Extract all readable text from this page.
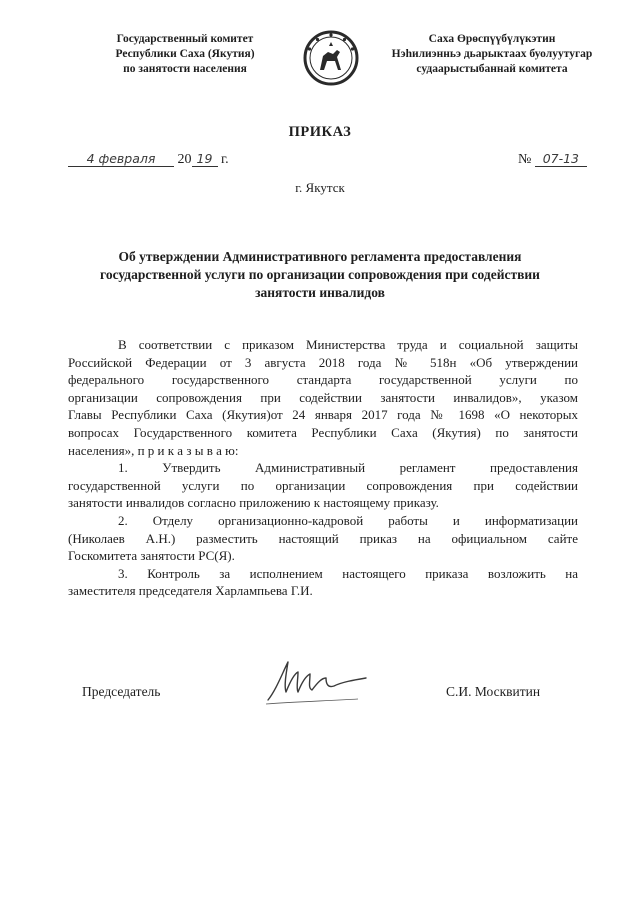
Государственный комитет
Республики Саха (Якутия)
по занятости населения
Саха Өрөспүүбүлүкэтин
Нэһилиэнньэ дьарыктаах буолуутугар
судаарыстыбаннай комитета
ПРИКАЗ
4 февраля 20 19 г.	№ 07-13
г. Якутск
Об утверждении Административного регламента предоставления
государственной услуги по организации сопровождения при содействии
занятости инвалидов

В соответствии с приказом Министерства труда и социальной защиты

Российской Федерации от 3 августа 2018 года № 518н «Об утверждении

федерального государственного стандарта государственной услуги по

организации сопровождения при содействии занятости инвалидов», указом

Главы Республики Саха (Якутия)от 24 января 2017 года № 1698 «О некоторых

вопросах Государственного комитета Республики Саха (Якутия) по занятости

населения», п р и к а з ы в а ю:

1. Утвердить Административный регламент предоставления

государственной услуги по организации сопровождения при содействии

занятости инвалидов согласно приложению к настоящему приказу.

2. Отделу организационно-кадровой работы и информатизации

(Николаев А.Н.) разместить настоящий приказ на официальном сайте

Госкомитета занятости РС(Я).

3. Контроль за исполнением настоящего приказа возложить на

заместителя председателя Харлампьева Г.И.

Председатель	С.И. Москвитин
